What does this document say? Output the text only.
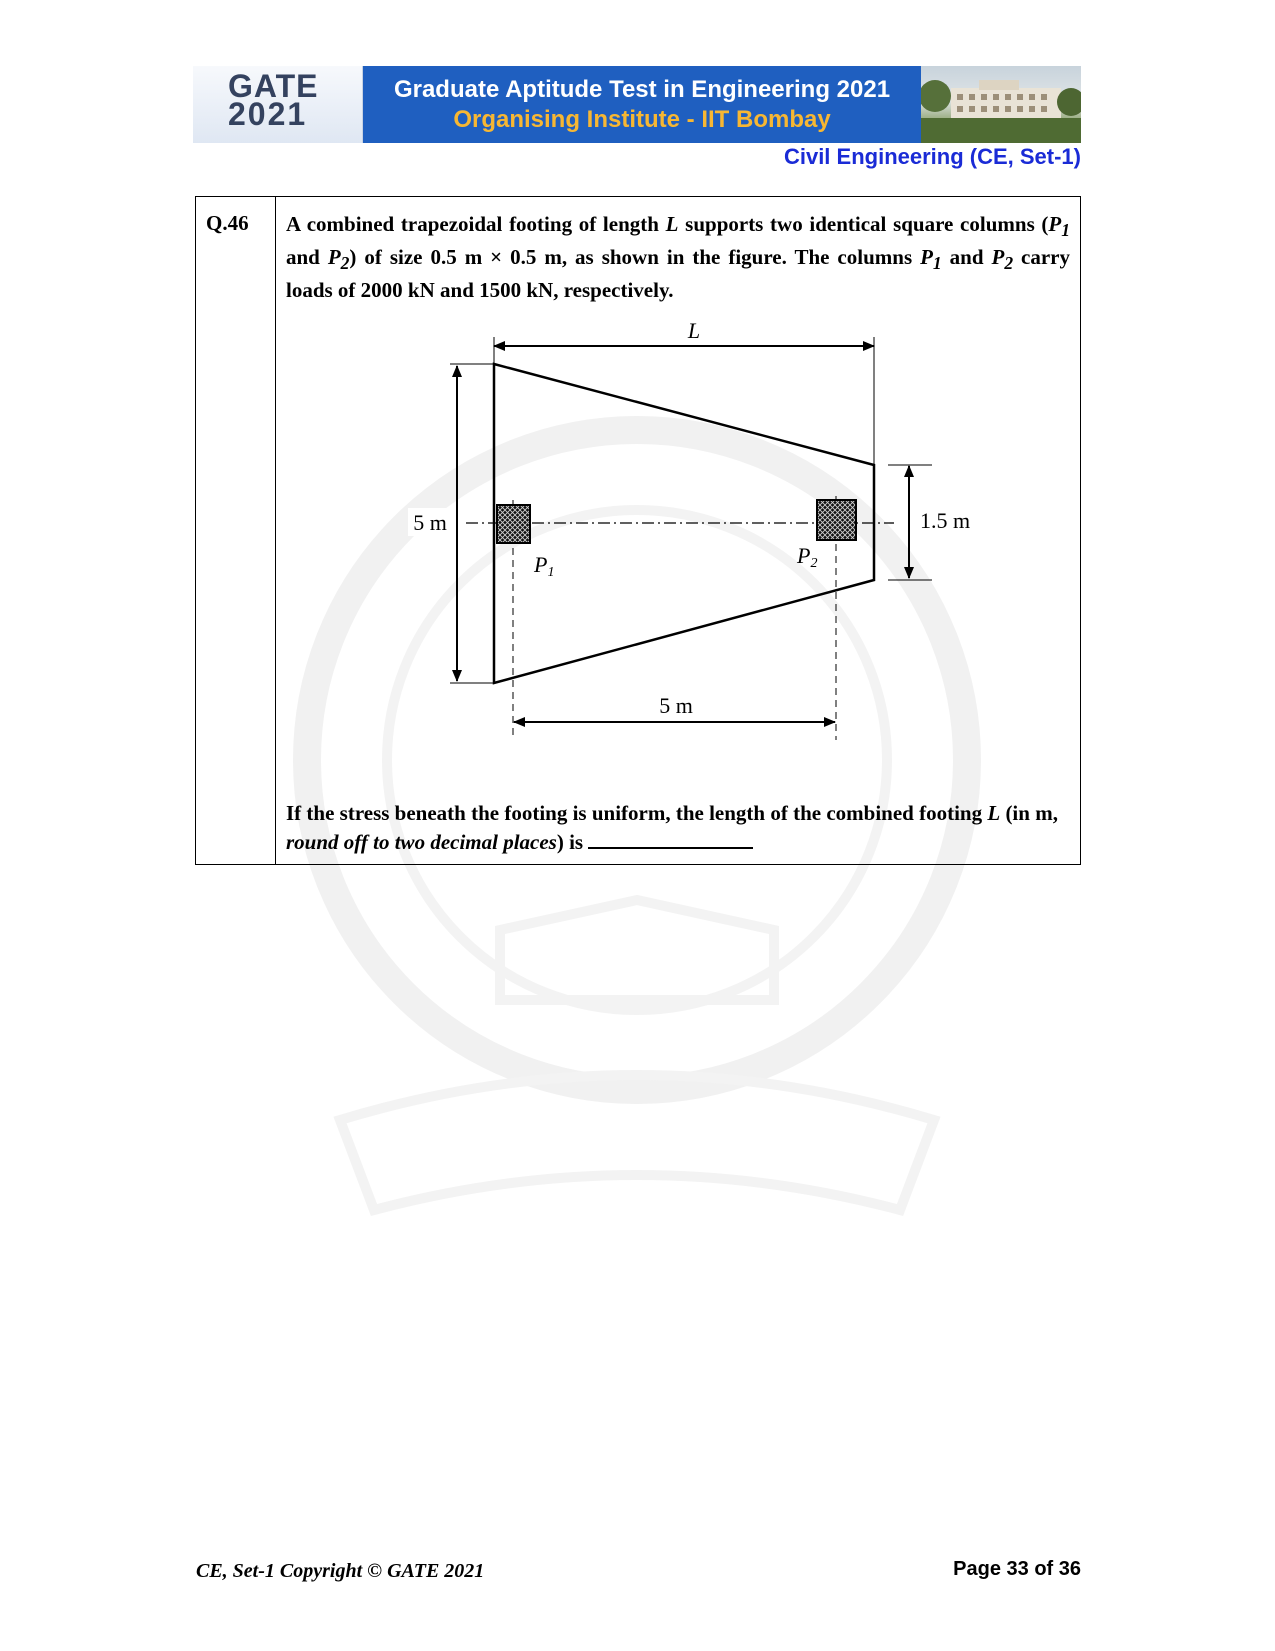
GATE
2021
Graduate Aptitude Test in Engineering 2021
Organising Institute - IIT Bombay
Civil Engineering (CE, Set-1)
Q.46 A combined trapezoidal footing of length L supports two identical square columns ($P_1$ and $P_2$) of size 0.5 m × 0.5 m, as shown in the figure. The columns $P_1$ and $P_2$ carry loads of 2000 kN and 1500 kN, respectively.
If the stress beneath the footing is uniform, the length of the combined footing L (in m, round off to two decimal places) is
L
5 m	1.5 m
P1
P2
5 m
CE, Set-1 Copyright © GATE 2021	Page 33 of 36
